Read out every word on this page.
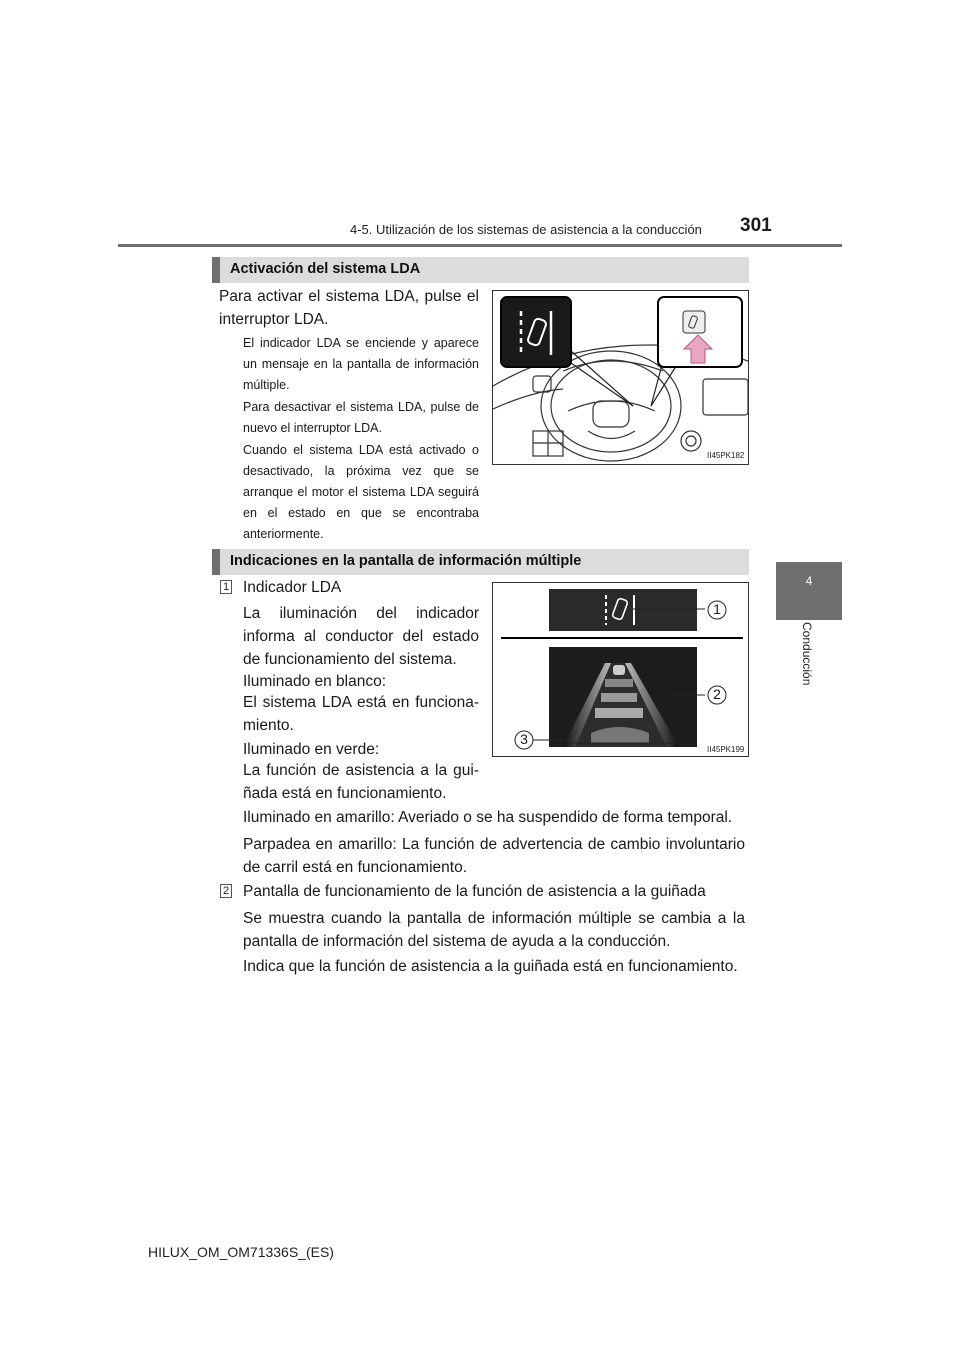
4-5. Utilización de los sistemas de asistencia a la conducción 301
4
Conducción
Activación del sistema LDA
Para activar el sistema LDA, pulse el interruptor LDA.
El indicador LDA se enciende y aparece un mensaje en la pantalla de información múltiple.
Para desactivar el sistema LDA, pulse de nuevo el interruptor LDA.
Cuando el sistema LDA está activado o desactivado, la próxima vez que se arranque el motor el sistema LDA seguirá en el estado en que se encontraba anteriormente.
II45PK182
Indicaciones en la pantalla de información múltiple
1 Indicador LDA
La iluminación del indicador informa al conductor del estado de funcionamiento del sistema.
Iluminado en blanco:
El sistema LDA está en funcionamiento.
Iluminado en verde:
La función de asistencia a la guiñada está en funcionamiento.
Iluminado en amarillo: Averiado o se ha suspendido de forma temporal.
Parpadea en amarillo: La función de advertencia de cambio involuntario de carril está en funcionamiento.
2 Pantalla de funcionamiento de la función de asistencia a la guiñada
Se muestra cuando la pantalla de información múltiple se cambia a la pantalla de información del sistema de ayuda a la conducción.
Indica que la función de asistencia a la guiñada está en funcionamiento.
1
2
3
II45PK199
HILUX_OM_OM71336S_(ES)
